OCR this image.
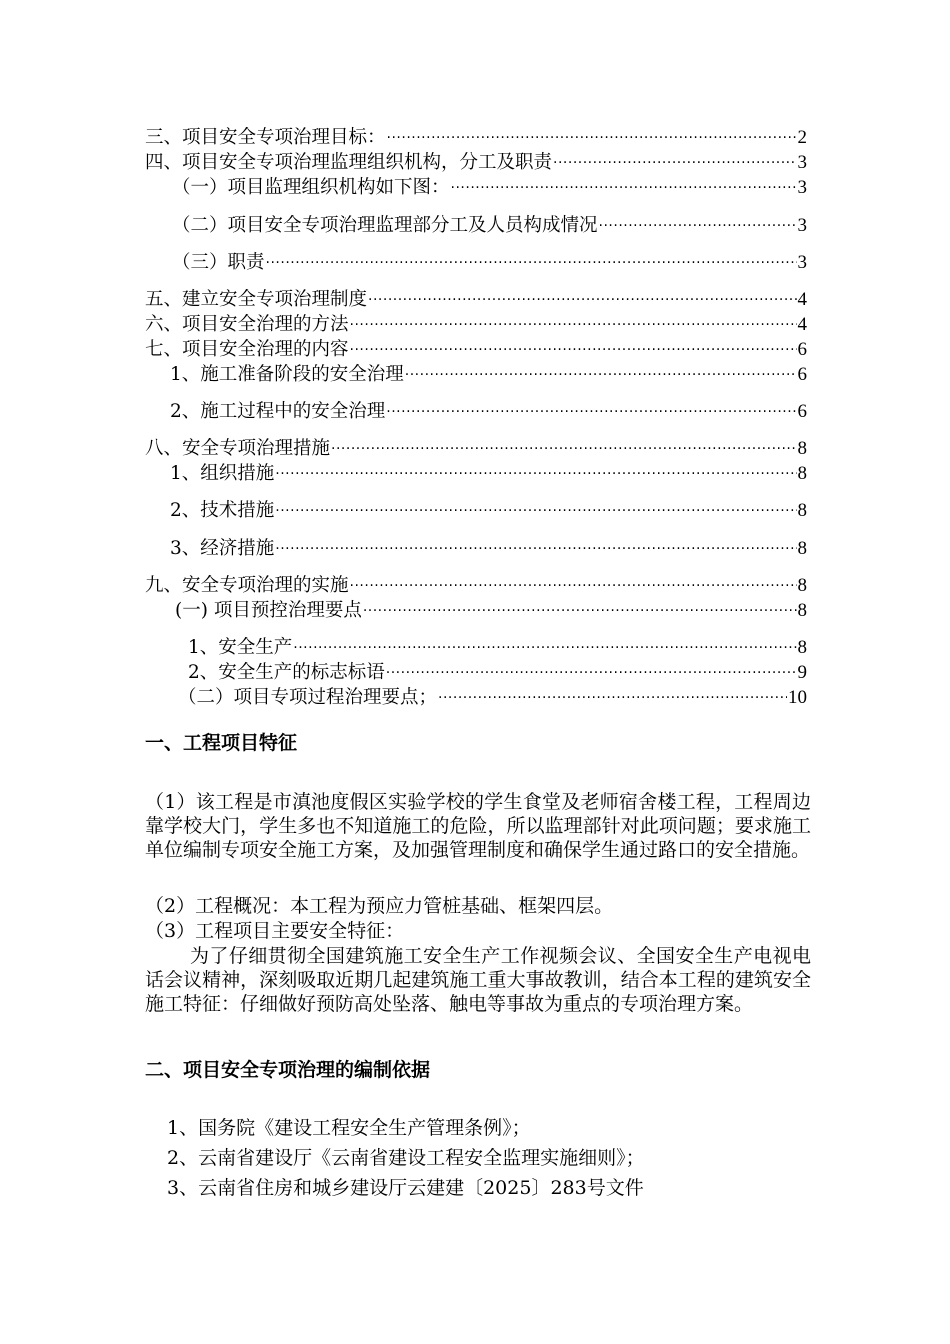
三、项目安全专项治理目标： .....	2
四、项目安全专项治理监理组织机构，分工及职责 .....	3
（一）项目监理组织机构如下图： .....	3
（二）项目安全专项治理监理部分工及人员构成情况 .....	3
（三）职责 .....	3
五、建立安全专项治理制度 .....	4
六、项目安全治理的方法 .....	4
七、项目安全治理的内容 .....	6
1、施工准备阶段的安全治理 .....	6
2、施工过程中的安全治理 .....	6
八、安全专项治理措施 .....	8
1、组织措施 .....	8
2、技术措施 .....	8
3、经济措施 .....	8
九、安全专项治理的实施 .....	8
(一) 项目预控治理要点 .....	8
1、安全生产 .....	8
2、安全生产的标志标语 .....	9
（二）项目专项过程治理要点； .....	10
一、工程项目特征
（1）该工程是市滇池度假区实验学校的学生食堂及老师宿舍楼工程，工程周边靠学校大门，学生多也不知道施工的危险，所以监理部针对此项问题；要求施工单位编制专项安全施工方案，及加强管理制度和确保学生通过路口的安全措施。
（2）工程概况：本工程为预应力管桩基础、框架四层。
（3）工程项目主要安全特征：
为了仔细贯彻全国建筑施工安全生产工作视频会议、全国安全生产电视电话会议精神，深刻吸取近期几起建筑施工重大事故教训，结合本工程的建筑安全施工特征：仔细做好预防高处坠落、触电等事故为重点的专项治理方案。
二、项目安全专项治理的编制依据
1、国务院《建设工程安全生产管理条例》；
2、云南省建设厅《云南省建设工程安全监理实施细则》；
3、云南省住房和城乡建设厅云建建〔2025〕283号文件
